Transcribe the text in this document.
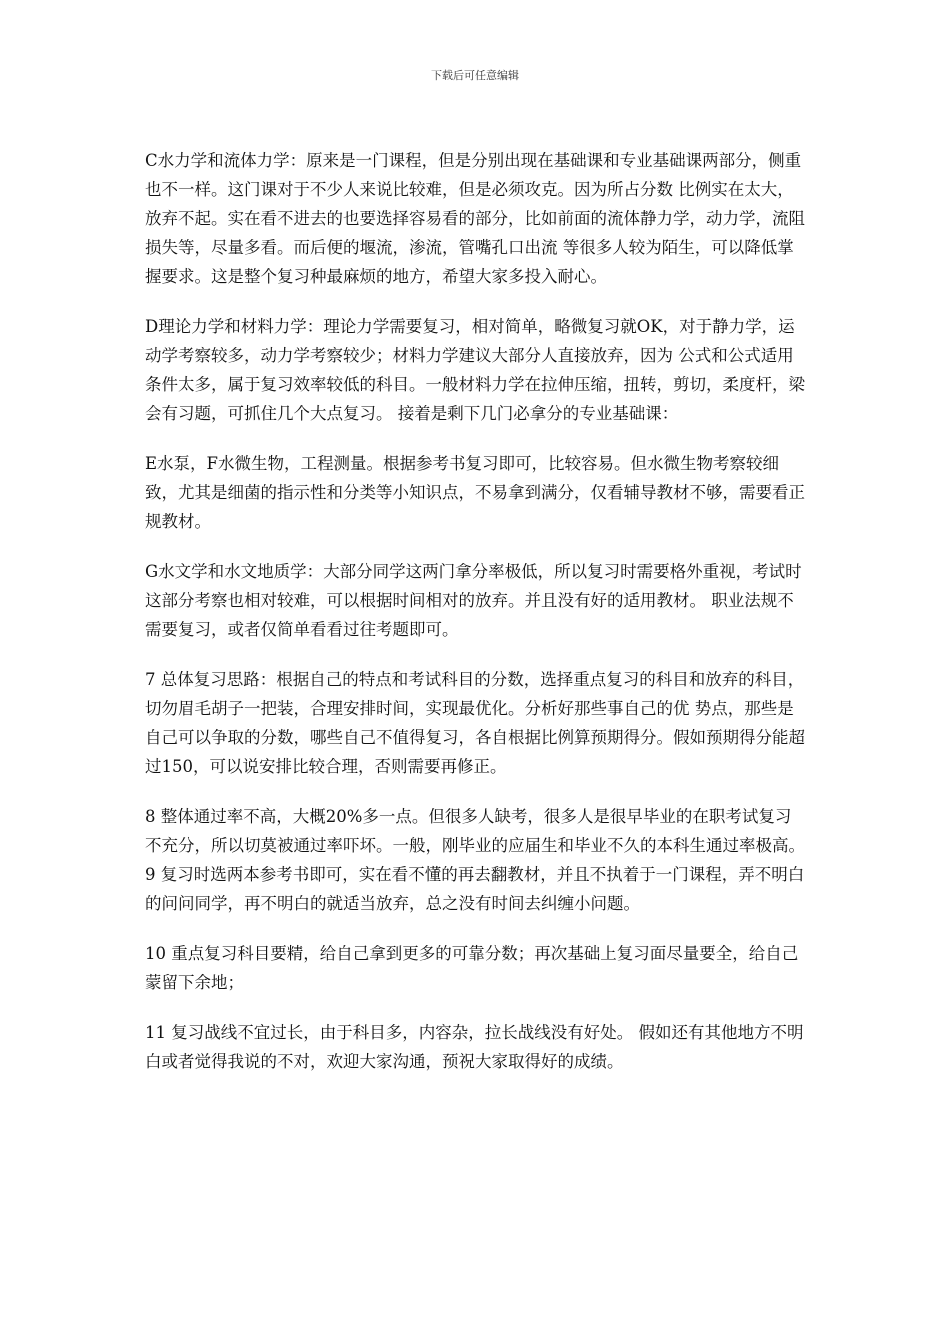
下载后可任意编辑

C水力学和流体力学：原来是一门课程，但是分别出现在基础课和专业基础课两部分，侧重也不一样。这门课对于不少人来说比较难，但是必须攻克。因为所占分数 比例实在太大，放弃不起。实在看不进去的也要选择容易看的部分，比如前面的流体静力学，动力学，流阻损失等，尽量多看。而后便的堰流，渗流，管嘴孔口出流 等很多人较为陌生，可以降低掌握要求。这是整个复习种最麻烦的地方，希望大家多投入耐心。

D理论力学和材料力学：理论力学需要复习，相对简单，略微复习就OK，对于静力学，运动学考察较多，动力学考察较少；材料力学建议大部分人直接放弃，因为 公式和公式适用条件太多，属于复习效率较低的科目。一般材料力学在拉伸压缩，扭转，剪切，柔度杆，梁会有习题，可抓住几个大点复习。 接着是剩下几门必拿分的专业基础课：

E水泵，F水微生物，工程测量。根据参考书复习即可，比较容易。但水微生物考察较细致，尤其是细菌的指示性和分类等小知识点，不易拿到满分，仅看辅导教材不够，需要看正规教材。

G水文学和水文地质学：大部分同学这两门拿分率极低，所以复习时需要格外重视，考试时这部分考察也相对较难，可以根据时间相对的放弃。并且没有好的适用教材。 职业法规不需要复习，或者仅简单看看过往考题即可。

7 总体复习思路：根据自己的特点和考试科目的分数，选择重点复习的科目和放弃的科目，切勿眉毛胡子一把装，合理安排时间，实现最优化。分析好那些事自己的优 势点，那些是自己可以争取的分数，哪些自己不值得复习，各自根据比例算预期得分。假如预期得分能超过150，可以说安排比较合理，否则需要再修正。

8 整体通过率不高，大概20%多一点。但很多人缺考，很多人是很早毕业的在职考试复习不充分，所以切莫被通过率吓坏。一般，刚毕业的应届生和毕业不久的本科生通过率极高。

9 复习时选两本参考书即可，实在看不懂的再去翻教材，并且不执着于一门课程，弄不明白的问问同学，再不明白的就适当放弃，总之没有时间去纠缠小问题。

10 重点复习科目要精，给自己拿到更多的可靠分数；再次基础上复习面尽量要全，给自己蒙留下余地；

11 复习战线不宜过长，由于科目多，内容杂，拉长战线没有好处。 假如还有其他地方不明白或者觉得我说的不对，欢迎大家沟通，预祝大家取得好的成绩。
